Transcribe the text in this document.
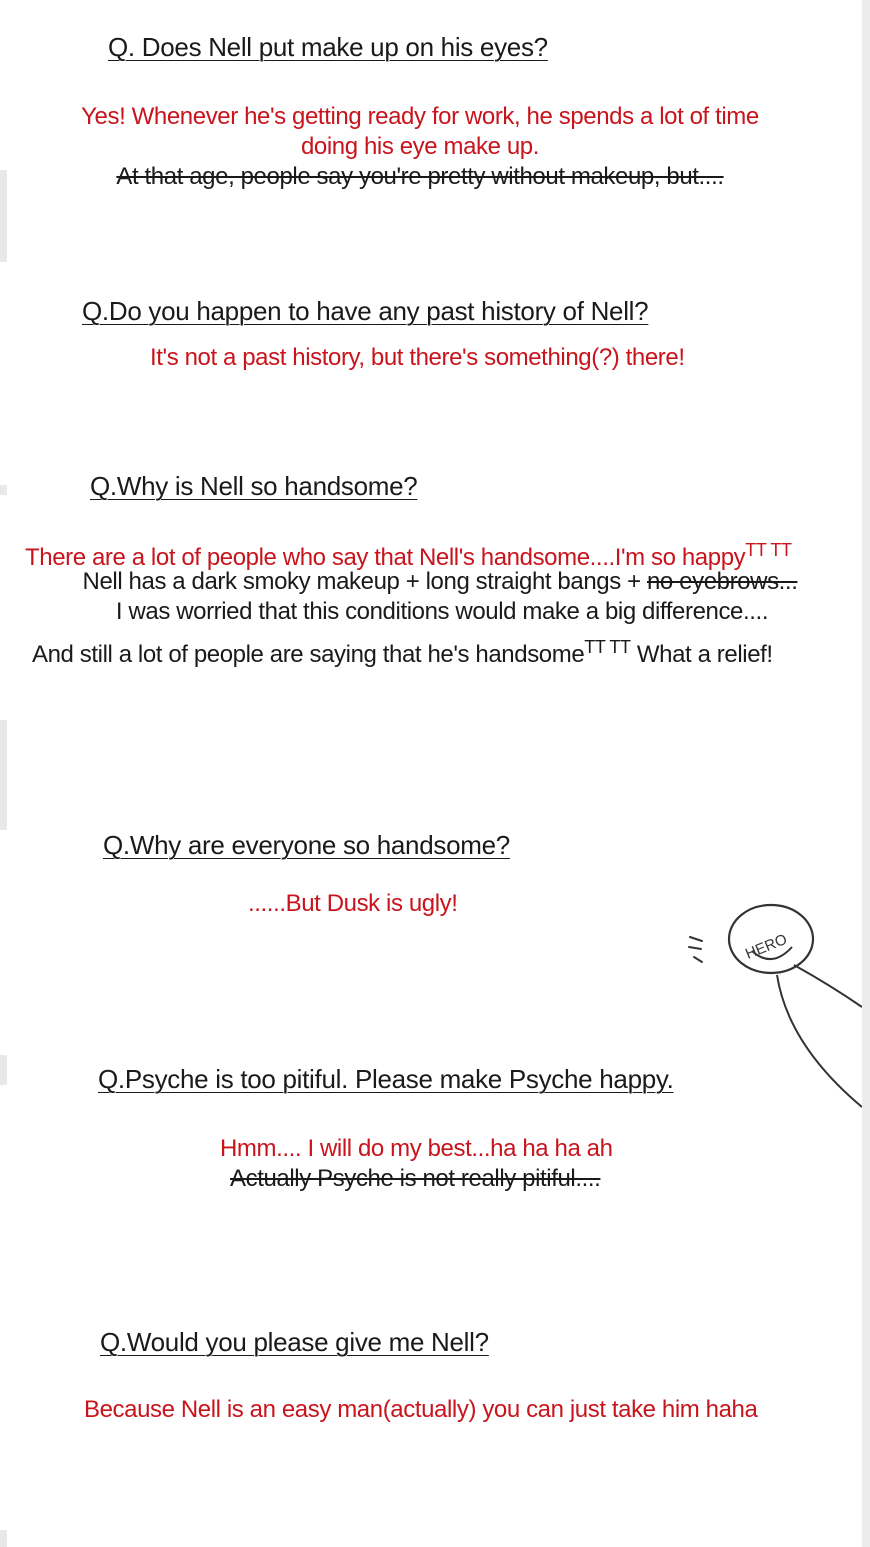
Q. Does Nell put make up on his eyes?
Yes! Whenever he's getting ready for work, he spends a lot of time
doing his eye make up.
At that age, people say you're pretty without makeup, but....
Q.Do you happen to have any past history of Nell?
It's not a past history, but there's something(?) there!
Q.Why is Nell so handsome?
There are a lot of people who say that Nell's handsome....I'm so happy$^{TT TT}$
Nell has a dark smoky makeup + long straight bangs + no eyebrows...
I was worried that this conditions would make a big difference....
And still a lot of people are saying that he's handsome$^{TT TT}$ What a relief!
Q.Why are everyone so handsome?
......But Dusk is ugly!
HERO
Q.Psyche is too pitiful. Please make Psyche happy.
Hmm.... I will do my best...ha ha ha ah
Actually Psyche is not really pitiful....
Q.Would you please give me Nell?
Because Nell is an easy man(actually) you can just take him haha
